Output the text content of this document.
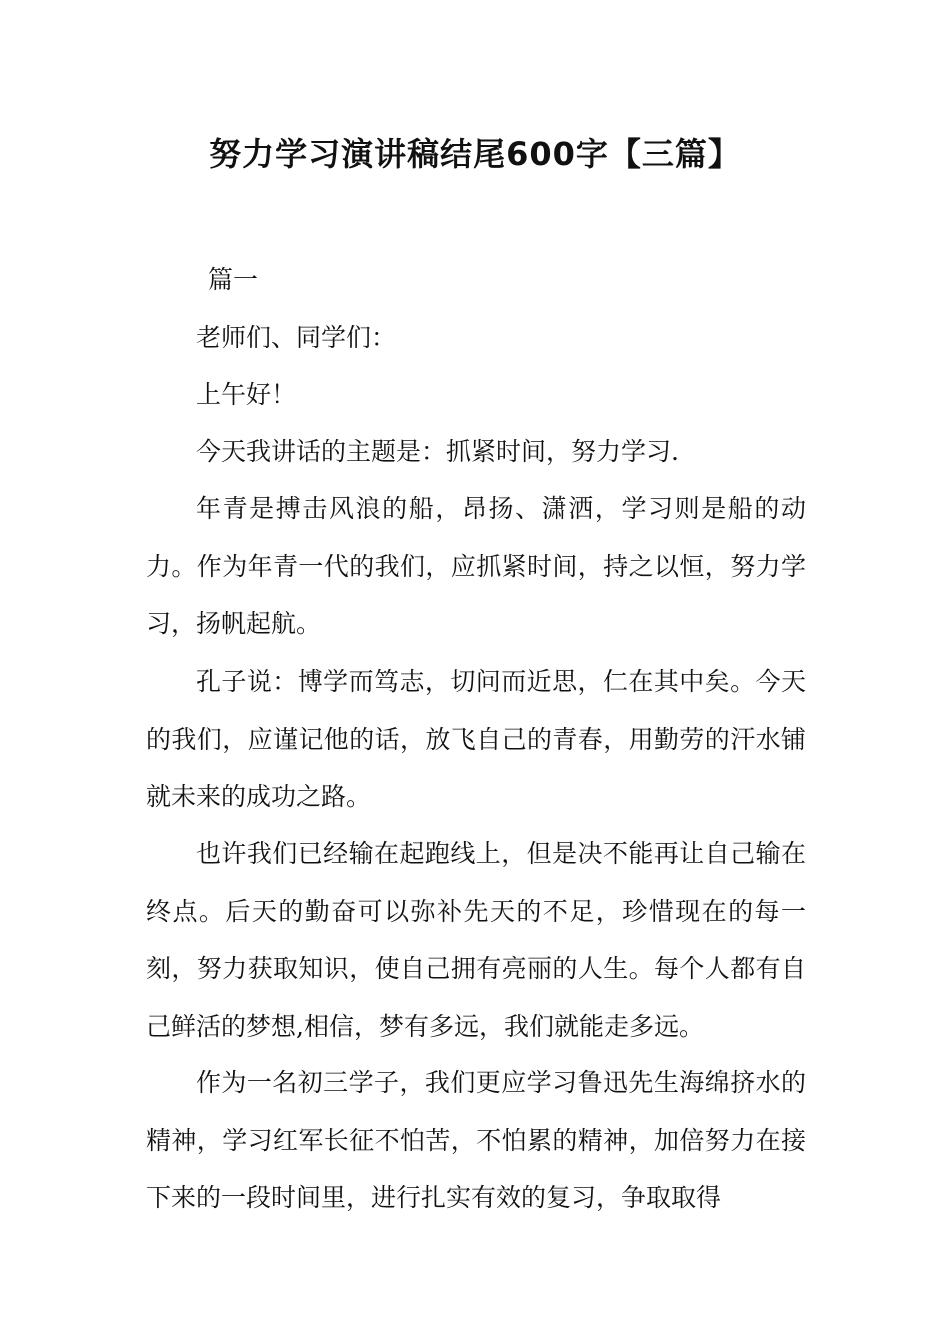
努力学习演讲稿结尾600字【三篇】

篇一

老师们、同学们：

上午好！

今天我讲话的主题是：抓紧时间，努力学习.

年青是搏击风浪的船，昂扬、潇洒，学习则是船的动力。作为年青一代的我们，应抓紧时间，持之以恒，努力学习，扬帆起航。

孔子说：博学而笃志，切问而近思，仁在其中矣。今天的我们，应谨记他的话，放飞自己的青春，用勤劳的汗水铺就未来的成功之路。

也许我们已经输在起跑线上，但是决不能再让自己输在终点。后天的勤奋可以弥补先天的不足，珍惜现在的每一刻，努力获取知识，使自己拥有亮丽的人生。每个人都有自己鲜活的梦想,相信，梦有多远，我们就能走多远。

作为一名初三学子，我们更应学习鲁迅先生海绵挤水的精神，学习红军长征不怕苦，不怕累的精神，加倍努力在接下来的一段时间里，进行扎实有效的复习，争取取得
